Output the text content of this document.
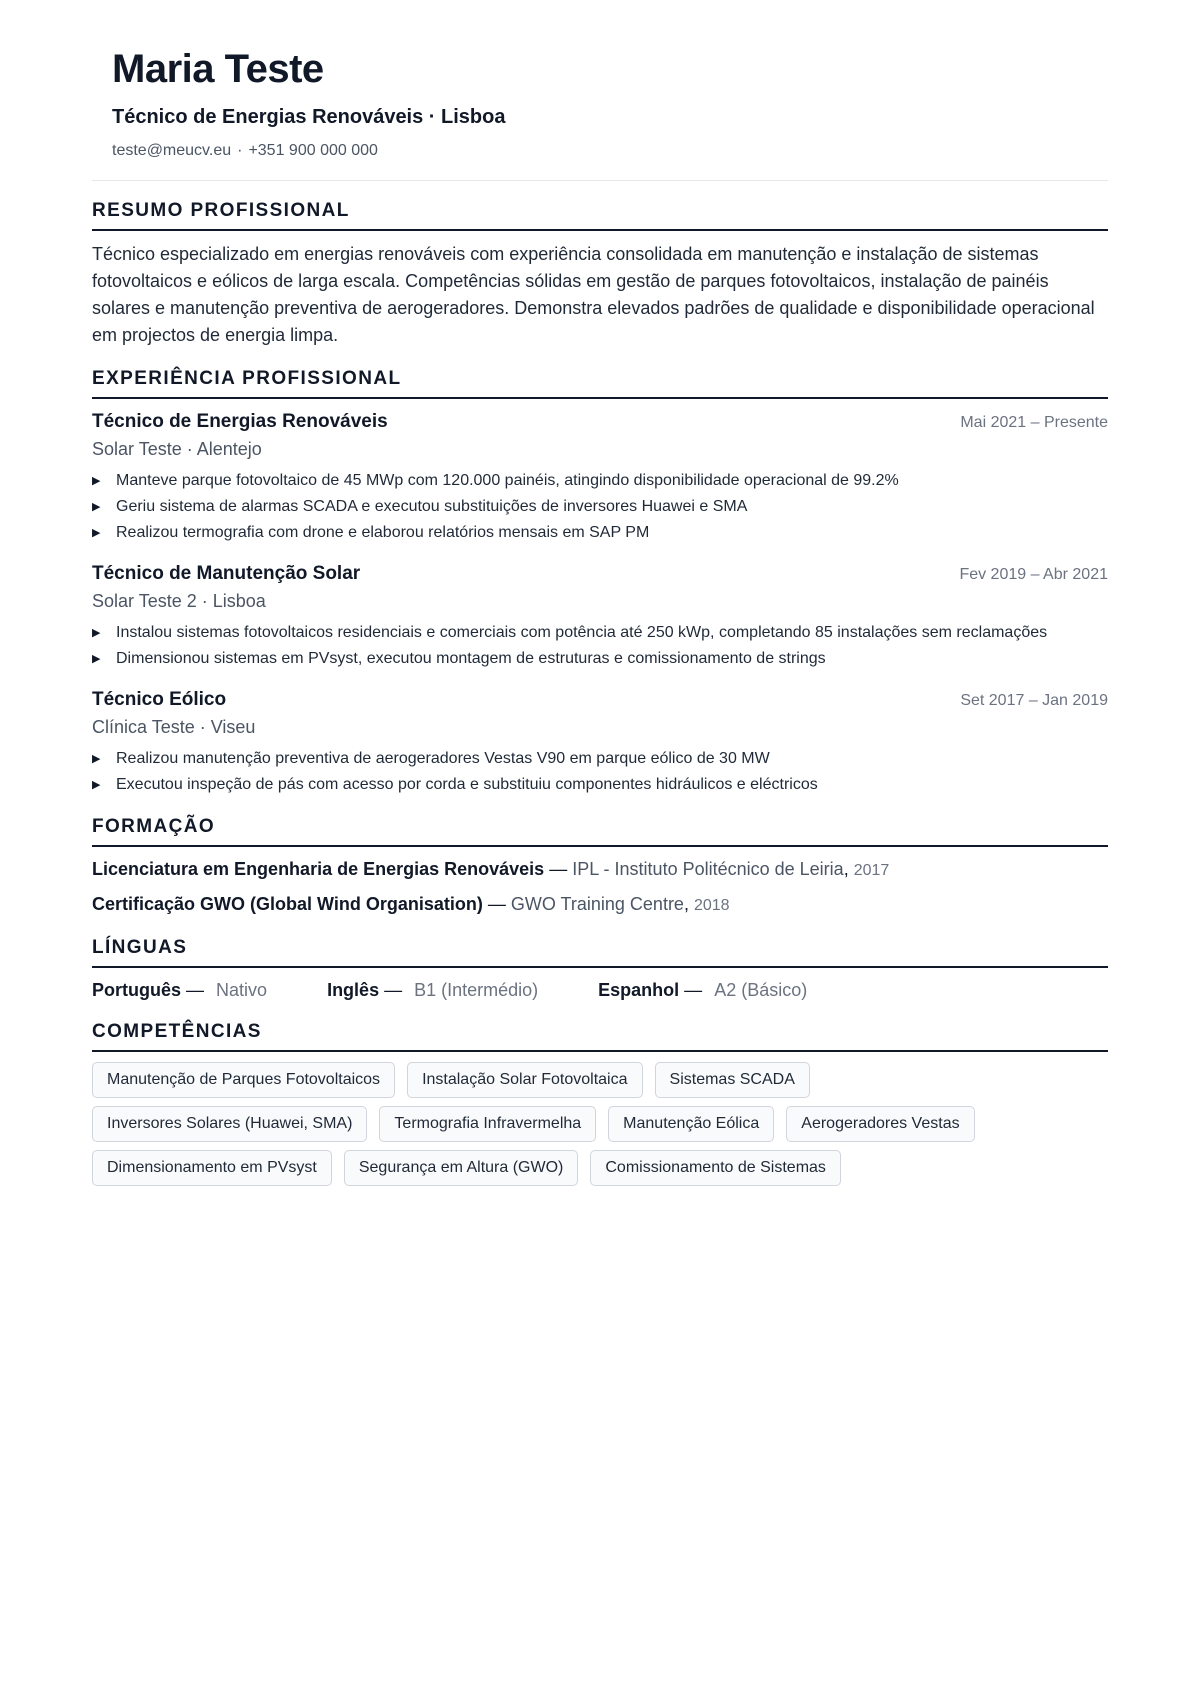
Maria Teste
Técnico de Energias Renováveis · Lisboa
teste@meucv.eu · +351 900 000 000
RESUMO PROFISSIONAL

Técnico especializado em energias renováveis com experiência consolidada em manutenção e instalação de sistemas fotovoltaicos e eólicos de larga escala. Competências sólidas em gestão de parques fotovoltaicos, instalação de painéis solares e manutenção preventiva de aerogeradores. Demonstra elevados padrões de qualidade e disponibilidade operacional em projectos de energia limpa.

EXPERIÊNCIA PROFISSIONAL
Técnico de Energias Renováveis	Mai 2021 – Presente
Solar Teste · Alentejo
▶ Manteve parque fotovoltaico de 45 MWp com 120.000 painéis, atingindo disponibilidade operacional de 99.2%
▶ Geriu sistema de alarmas SCADA e executou substituições de inversores Huawei e SMA
▶ Realizou termografia com drone e elaborou relatórios mensais em SAP PM
Técnico de Manutenção Solar	Fev 2019 – Abr 2021
Solar Teste 2 · Lisboa
▶ Instalou sistemas fotovoltaicos residenciais e comerciais com potência até 250 kWp, completando 85 instalações sem reclamações
▶ Dimensionou sistemas em PVsyst, executou montagem de estruturas e comissionamento de strings
Técnico Eólico	Set 2017 – Jan 2019
Clínica Teste · Viseu
▶ Realizou manutenção preventiva de aerogeradores Vestas V90 em parque eólico de 30 MW
▶ Executou inspeção de pás com acesso por corda e substituiu componentes hidráulicos e eléctricos
FORMAÇÃO
Licenciatura em Engenharia de Energias Renováveis — IPL - Instituto Politécnico de Leiria, 2017
Certificação GWO (Global Wind Organisation) — GWO Training Centre, 2018
LÍNGUAS
Português — Nativo	Inglês — B1 (Intermédio)	Espanhol — A2 (Básico)
COMPETÊNCIAS
Manutenção de Parques Fotovoltaicos	Instalação Solar Fotovoltaica	Sistemas SCADA
Inversores Solares (Huawei, SMA)	Termografia Infravermelha	Manutenção Eólica	Aerogeradores Vestas
Dimensionamento em PVsyst	Segurança em Altura (GWO)	Comissionamento de Sistemas
